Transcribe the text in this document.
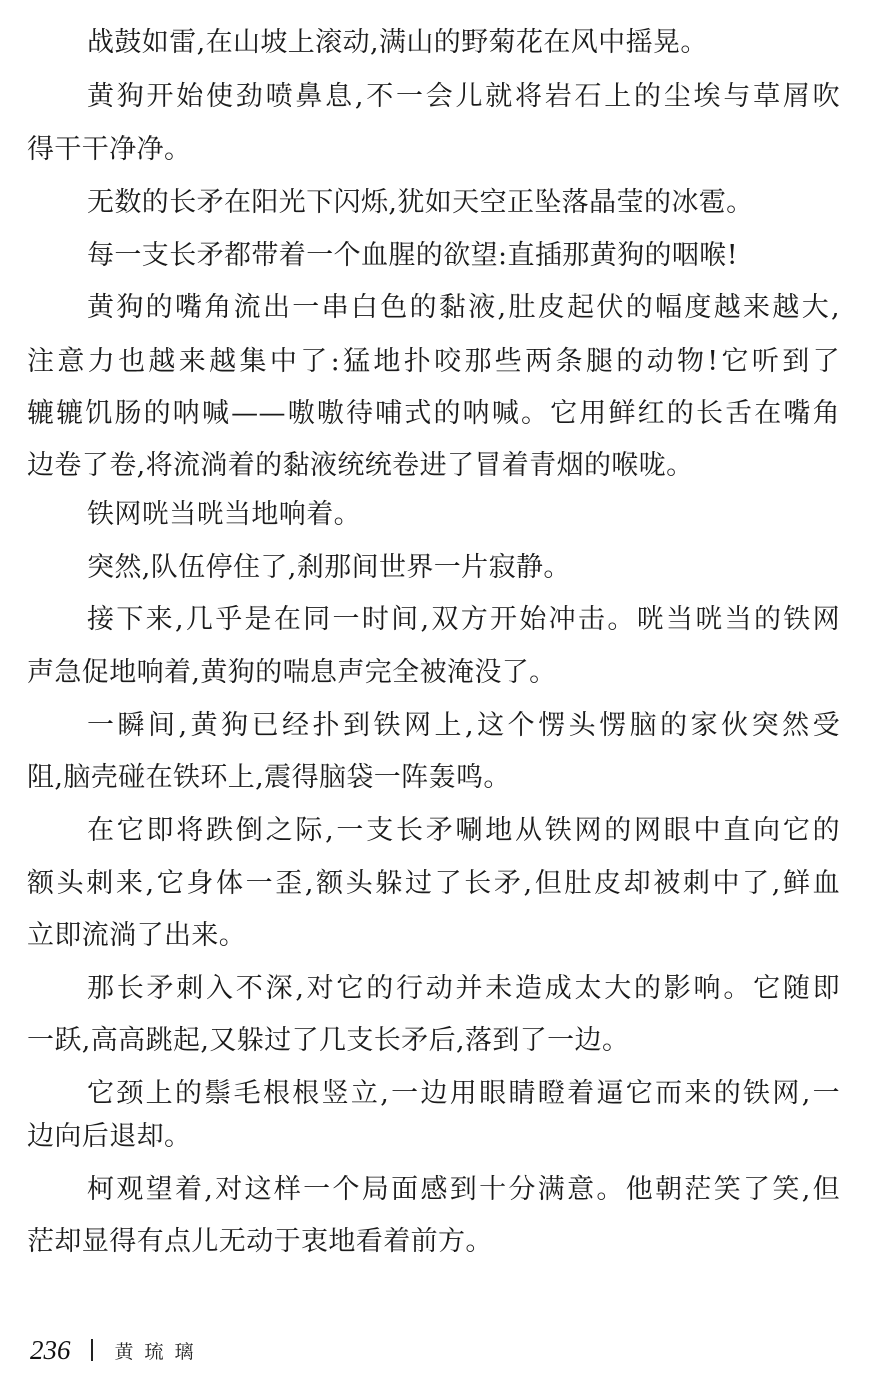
战鼓如雷,在山坡上滚动,满山的野菊花在风中摇晃。
黄狗开始使劲喷鼻息,不一会儿就将岩石上的尘埃与草屑吹
得干干净净。
无数的长矛在阳光下闪烁,犹如天空正坠落晶莹的冰雹。
每一支长矛都带着一个血腥的欲望:直插那黄狗的咽喉!
黄狗的嘴角流出一串白色的黏液,肚皮起伏的幅度越来越大,
注意力也越来越集中了:猛地扑咬那些两条腿的动物!它听到了
辘辘饥肠的呐喊——嗷嗷待哺式的呐喊。它用鲜红的长舌在嘴角
边卷了卷,将流淌着的黏液统统卷进了冒着青烟的喉咙。
铁网咣当咣当地响着。
突然,队伍停住了,刹那间世界一片寂静。
接下来,几乎是在同一时间,双方开始冲击。咣当咣当的铁网
声急促地响着,黄狗的喘息声完全被淹没了。
一瞬间,黄狗已经扑到铁网上,这个愣头愣脑的家伙突然受
阻,脑壳碰在铁环上,震得脑袋一阵轰鸣。
在它即将跌倒之际,一支长矛唰地从铁网的网眼中直向它的
额头刺来,它身体一歪,额头躲过了长矛,但肚皮却被刺中了,鲜血
立即流淌了出来。
那长矛刺入不深,对它的行动并未造成太大的影响。它随即
一跃,高高跳起,又躲过了几支长矛后,落到了一边。
它颈上的鬃毛根根竖立,一边用眼睛瞪着逼它而来的铁网,一
边向后退却。
柯观望着,对这样一个局面感到十分满意。他朝茫笑了笑,但
茫却显得有点儿无动于衷地看着前方。
236 黄琉璃
